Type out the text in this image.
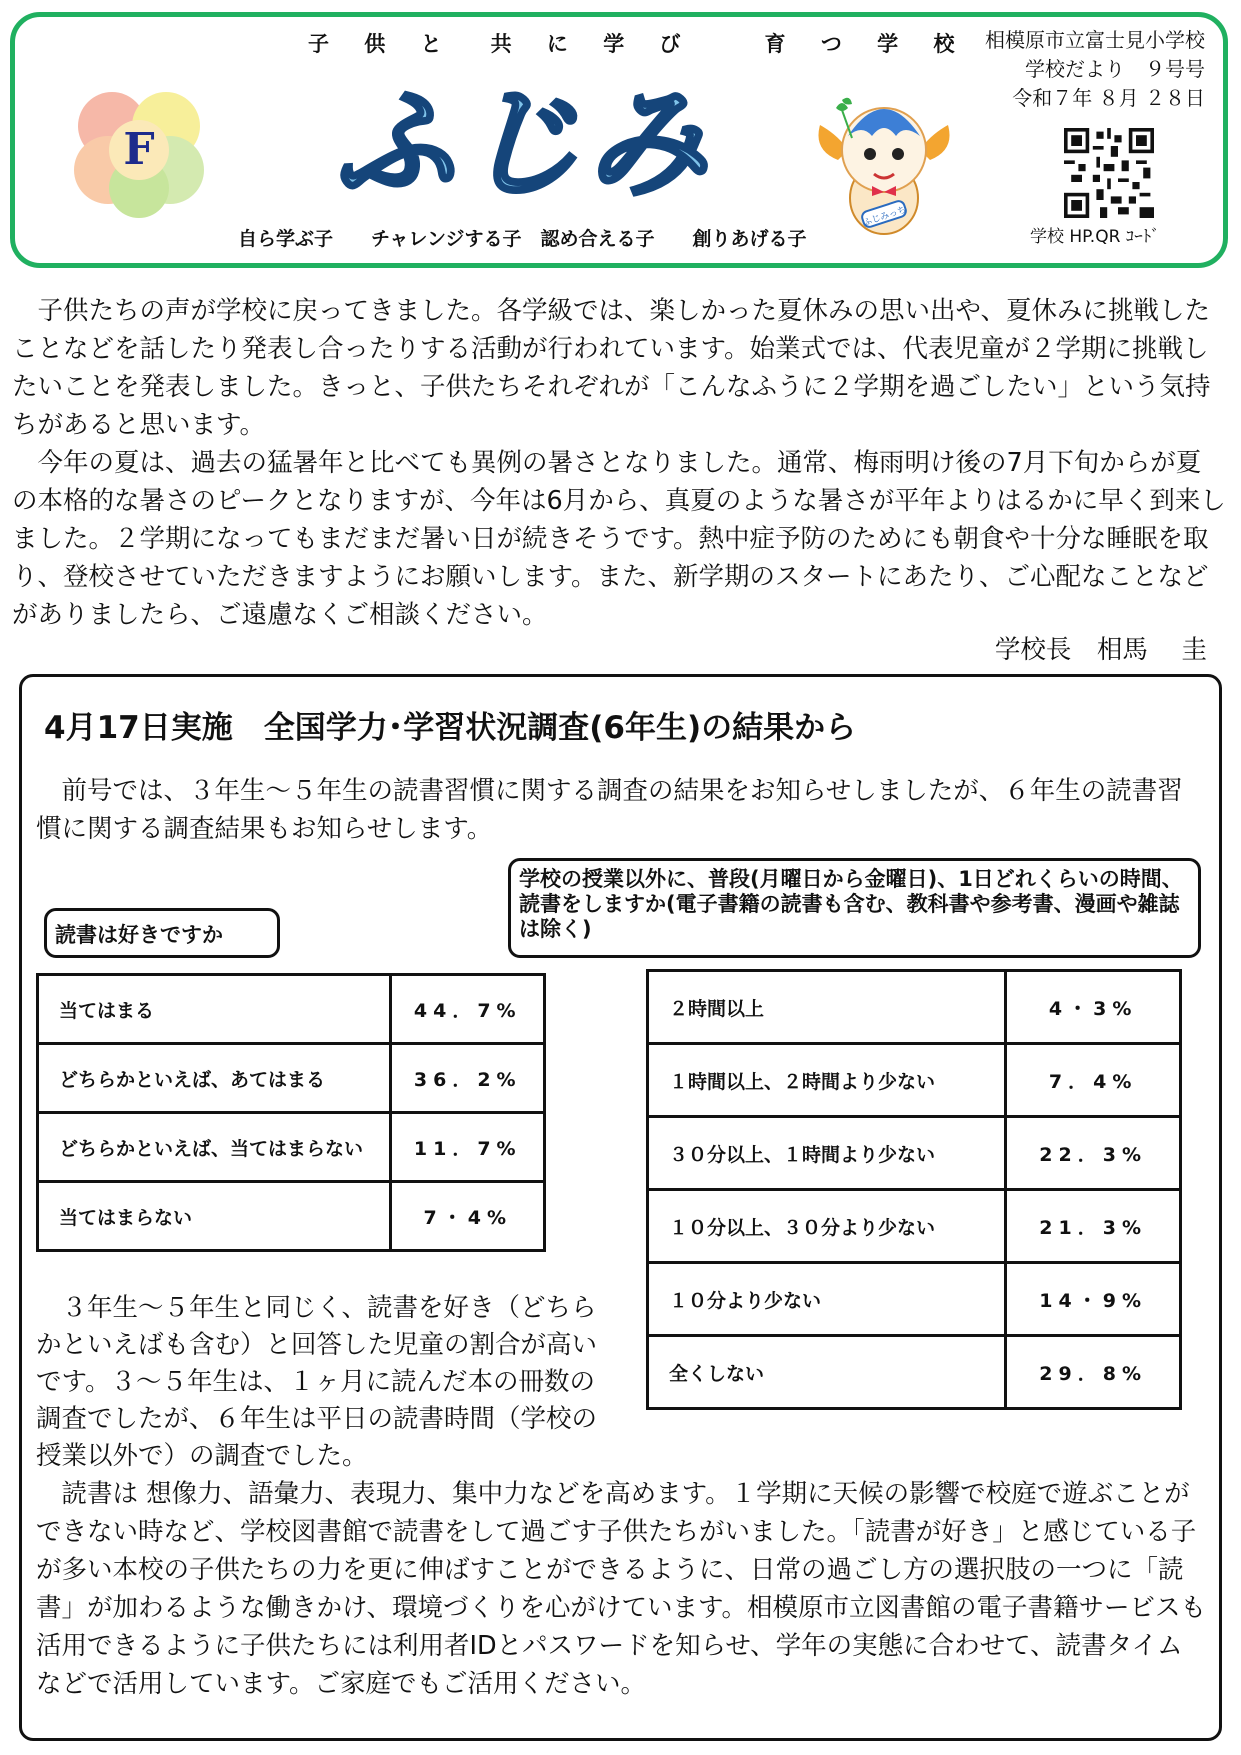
子 供 と　共 に 学 び　　育 つ 学 校
F ふじみ
ふじみっち
自ら学ぶ子　　チャレンジする子　認め合える子　　創りあげる子
相模原市立富士見小学校
学校だより　９号号
令和７年 ８月 ２８日
学校 HP.QR ｺｰﾄﾞ
　子供たちの声が学校に戻ってきました。各学級では、楽しかった夏休みの思い出や、夏休みに挑戦したことなどを話したり発表し合ったりする活動が行われています。始業式では、代表児童が２学期に挑戦したいことを発表しました。きっと、子供たちそれぞれが「こんなふうに２学期を過ごしたい」という気持ちがあると思います。
　今年の夏は、過去の猛暑年と比べても異例の暑さとなりました。通常、梅雨明け後の7月下旬からが夏の本格的な暑さのピークとなりますが、今年は6月から、真夏のような暑さが平年よりはるかに早く到来しました。２学期になってもまだまだ暑い日が続きそうです。熱中症予防のためにも朝食や十分な睡眠を取り、登校させていただきますようにお願いします。また、新学期のスタートにあたり、ご心配なことなどがありましたら、ご遠慮なくご相談ください。
学校長　相馬　 圭
4月17日実施　全国学力･学習状況調査(6年生)の結果から
　前号では、３年生～５年生の読書習慣に関する調査の結果をお知らせしましたが、６年生の読書習慣に関する調査結果もお知らせします。
読書は好きですか
学校の授業以外に、普段(月曜日から金曜日)、1日どれくらいの時間、読書をしますか(電子書籍の読書も含む、教科書や参考書、漫画や雑誌は除く)
当てはまる	44．7%
どちらかといえば、あてはまる	36．2%
どちらかといえば、当てはまらない	11．7%
当てはまらない	7・4%
２時間以上	4・3%
１時間以上、２時間より少ない	7．4%
３０分以上、１時間より少ない	22．3%
１０分以上、３０分より少ない	21．3%
１０分より少ない	14・9%
全くしない	29．8%
　３年生～５年生と同じく、読書を好き（どちらかといえばも含む）と回答した児童の割合が高いです。３～５年生は、１ヶ月に読んだ本の冊数の調査でしたが、６年生は平日の読書時間（学校の授業以外で）の調査でした。
　読書は 想像力、語彙力、表現力、集中力などを高めます。１学期に天候の影響で校庭で遊ぶことができない時など、学校図書館で読書をして過ごす子供たちがいました。「読書が好き」と感じている子が多い本校の子供たちの力を更に伸ばすことができるように、日常の過ごし方の選択肢の一つに「読書」が加わるような働きかけ、環境づくりを心がけています。相模原市立図書館の電子書籍サービスも活用できるように子供たちには利用者IDとパスワードを知らせ、学年の実態に合わせて、読書タイムなどで活用しています。ご家庭でもご活用ください。
